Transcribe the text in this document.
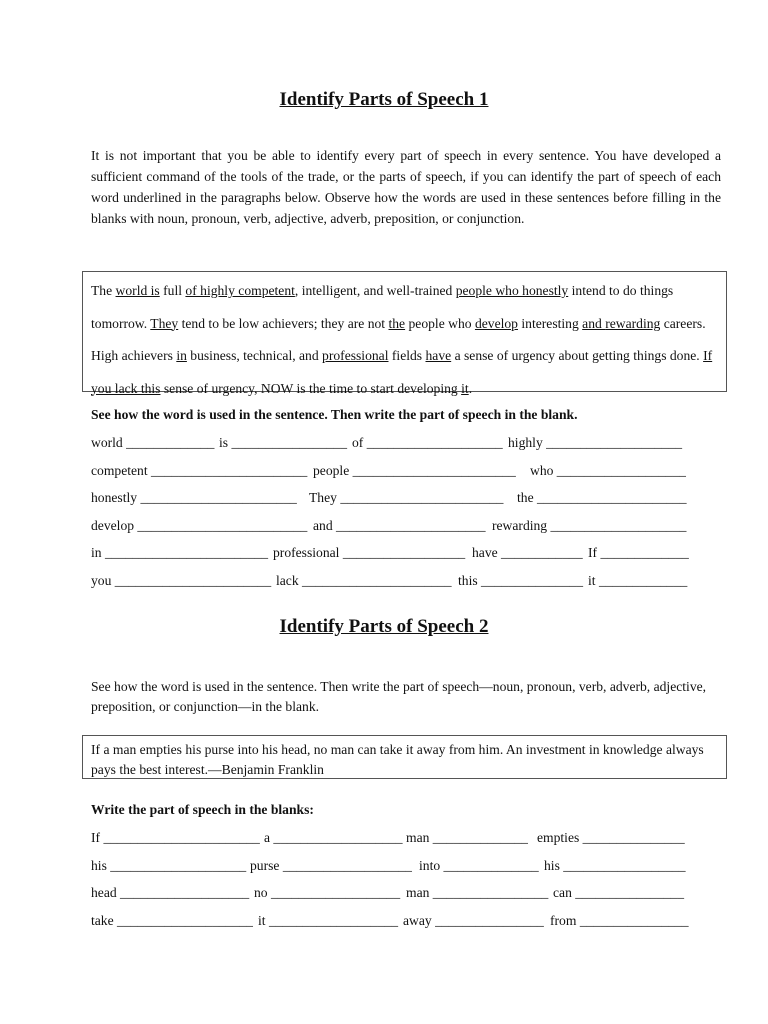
Identify Parts of Speech 1

It is not important that you be able to identify every part of speech in every sentence. You have developed a sufficient command of the tools of the trade, or the parts of speech, if you can identify the part of speech of each word underlined in the paragraphs below. Observe how the words are used in these sentences before filling in the blanks with noun, pronoun, verb, adjective, adverb, preposition, or conjunction.

The world is full of highly competent, intelligent, and well-trained people who honestly intend to do things tomorrow. They tend to be low achievers; they are not the people who develop interesting and rewarding careers. High achievers in business, technical, and professional fields have a sense of urgency about getting things done. If you lack this sense of urgency, NOW is the time to start developing it.

See how the word is used in the sentence. Then write the part of speech in the blank.

world _____________ is _________________ of ____________________ highly ____________________
competent _______________________ people ________________________ who ___________________
honestly _______________________ They ________________________ the ______________________
develop _________________________ and ______________________ rewarding ____________________
in ________________________ professional __________________ have ____________ If _____________
you _______________________ lack ______________________ this _______________ it _____________
Identify Parts of Speech 2

See how the word is used in the sentence. Then write the part of speech—noun, pronoun, verb, adverb, adjective, preposition, or conjunction—in the blank.

If a man empties his purse into his head, no man can take it away from him. An investment in knowledge always pays the best interest.—Benjamin Franklin

Write the part of speech in the blanks:

If _______________________ a ___________________ man ______________ empties _______________
his ____________________ purse ___________________ into ______________ his __________________
head ___________________ no ___________________ man _________________ can ________________
take ____________________ it ___________________ away ________________ from ________________
